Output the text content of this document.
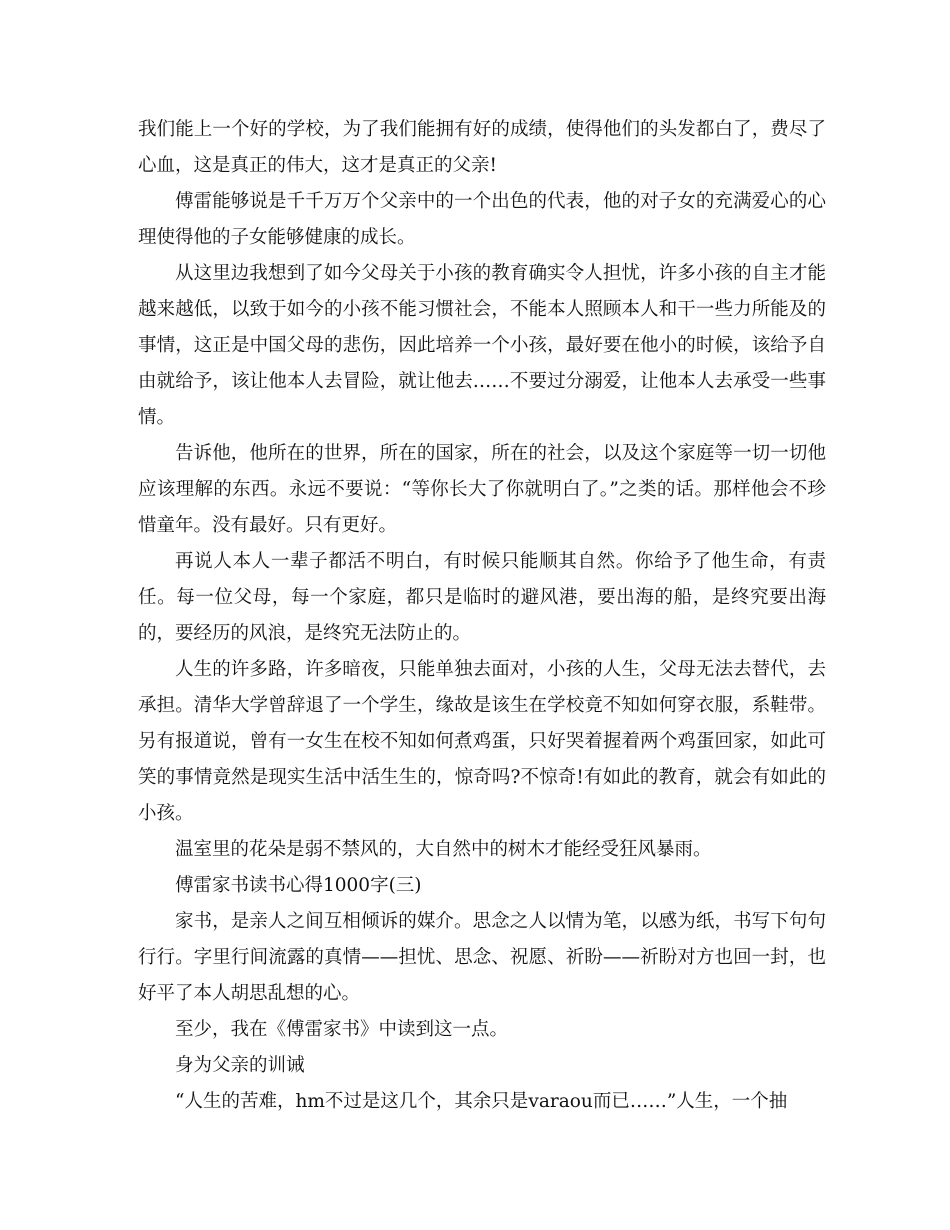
我们能上一个好的学校，为了我们能拥有好的成绩，使得他们的头发都白了，费尽了心血，这是真正的伟大，这才是真正的父亲!

傅雷能够说是千千万万个父亲中的一个出色的代表，他的对子女的充满爱心的心理使得他的子女能够健康的成长。

从这里边我想到了如今父母关于小孩的教育确实令人担忧，许多小孩的自主才能越来越低，以致于如今的小孩不能习惯社会，不能本人照顾本人和干一些力所能及的事情，这正是中国父母的悲伤，因此培养一个小孩，最好要在他小的时候，该给予自由就给予，该让他本人去冒险，就让他去……不要过分溺爱，让他本人去承受一些事情。

告诉他，他所在的世界，所在的国家，所在的社会，以及这个家庭等一切一切他应该理解的东西。永远不要说：“等你长大了你就明白了。”之类的话。那样他会不珍惜童年。没有最好。只有更好。

再说人本人一辈子都活不明白，有时候只能顺其自然。你给予了他生命，有责任。每一位父母，每一个家庭，都只是临时的避风港，要出海的船，是终究要出海的，要经历的风浪，是终究无法防止的。

人生的许多路，许多暗夜，只能单独去面对，小孩的人生，父母无法去替代，去承担。清华大学曾辞退了一个学生，缘故是该生在学校竟不知如何穿衣服，系鞋带。另有报道说，曾有一女生在校不知如何煮鸡蛋，只好哭着握着两个鸡蛋回家，如此可笑的事情竟然是现实生活中活生生的，惊奇吗?不惊奇!有如此的教育，就会有如此的小孩。

温室里的花朵是弱不禁风的，大自然中的树木才能经受狂风暴雨。

傅雷家书读书心得1000字(三)

家书，是亲人之间互相倾诉的媒介。思念之人以情为笔，以感为纸，书写下句句行行。字里行间流露的真情——担忧、思念、祝愿、祈盼——祈盼对方也回一封，也好平了本人胡思乱想的心。

至少，我在《傅雷家书》中读到这一点。

身为父亲的训诫

“人生的苦难，hm不过是这几个，其余只是varaou而已……”人生，一个抽
